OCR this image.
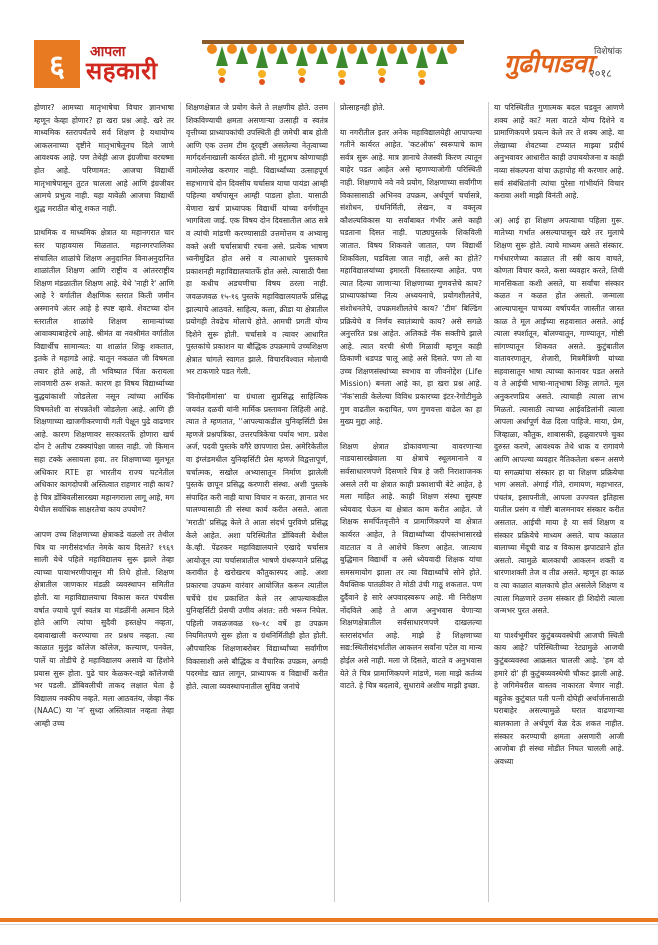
६	आपला
सहकारी	गुढीपाडवा विशेषांक
२०१८

होणार? आमच्या मातृभाषेचा विचार ज्ञानभाषा म्हणून केव्हा होणार? हा खरा प्रश्न आहे. खरे तर माध्यमिक स्तरापर्यंतचे सर्व शिक्षण हे यथायोग्य आकलनाच्या दृष्टीने मातृभाषेतूनच दिले जाणे आवश्यक आहे. पण तेथेही आज इंग्रजीचा वरचष्मा होत आहे. परिणामत: आजचा विद्यार्थी मातृभाषेपासून तुटत चालला आहे आणि इंग्रजीवर आमचे प्रभुत्व नाही. यहा यावेळी आजचा विद्यार्थी शुद्ध मराठीत बोलू शकत नाही.

प्राथमिक व माध्यमिक क्षेत्रात या महानगरात चार स्तर पाहावयास मिळतात. महानगरपालिका संचालित शाळांचे शिक्षण अनुदानित विनाअनुदानित शाळांतील शिक्षण आणि राष्ट्रीय व आंतरराष्ट्रीय शिक्षण मंडळातील शिक्षण आहे. येथे 'नाही रे' आणि आहे रे वर्गातील शैक्षणिक स्तरात किती जमीन अस्मानचे अंतर आहे हे स्पष्ट व्हावे. शेवटच्या दोन स्तरातील शाळांचे शिक्षण सामान्यांच्या आवाक्याबाहेरचे आहे. श्रीमंत वा नवश्रीमंत वर्गातील विद्यार्थीच सामान्यत: या शाळांत शिकू शकतात, इतके ते महागडे आहे. यातून नकळत जी विषमता तयार होते आहे, ती भविष्यात चिंता करायला लावणारी ठरू शकते. कारण हा विषय विद्यार्थ्याच्या बुद्धयांकाशी जोडलेला नसून त्यांच्या आर्थिक विषमतेशी वा संपन्नतेशी जोडलेला आहे. आणि ही शिक्षणाच्या खाजगीकरणाची गती पेक्षून पुढे वाढणार आहे. कारण शिक्षणावर सरकारतर्फे होणारा खर्च दोन टे अतीच टक्क्यांपेक्षा जास्त नाही. जो किमान सहा टक्के असायला हवा. तर शिक्षणाच्या मूलभूत अधिकार RTE हा भारतीय राज्य घटनेतील अधिकार कागदोपत्री अस्तित्वात राहणार नाही काय? हे चित्र डोंबिवलीसारख्या महानगराला लागू आहे, मग येथील सर्वाधिक साक्षरतेचा काय उपयोग?

आपण उच्च शिक्षणाच्या क्षेत्राकडे वळलो तर तेथील चित्र या नगरीसंदर्भात नेमके काय दिसते? १९६९ साली येथे पहिले महाविद्यालय सुरू झाले तेव्हा त्याच्या पायाभरणीपासून मी तिथे होतो. शिक्षण क्षेत्रातील जाणकार मंडळी व्यवस्थापन समितीत होती. या महाविद्यालयाचा विकास करत पंचवीस वर्षात ज्याचे पूर्ण स्वतंत्र या मंडळींनी अत्मान दिले होते आणि त्यांचा सुदैवी हस्तक्षेप नव्हता, दबावाखाली करण्याचा तर प्रश्नच नव्हता. त्या काळात मुलुंड कॉलेज कॉलेज, कल्याण, पनवेल, पार्ले या तोडीचे हे महाविद्यालय असावे या हिशोने प्रयास सुरू होता. पुढे चार केळकर-वझे कॉलेजची भर पडली. डोंबिवलीची ताकद लक्षात घेता हे विद्यालय नक्कीच नव्हते. मला आठवतंय, जेव्हा नॅक (NAAC) या 'न' सुध्दा अस्तित्वात नव्हता तेव्हा आम्ही उच्च

शिक्षणक्षेत्रात जे प्रयोग केले ते लक्षणीय होते. उत्तम शिकविण्याची क्षमता असणाऱ्या उत्साही व स्वतंत्र वृत्तीच्या प्राध्यापकांची उपस्थिती ही जमेची बाब होती आणि एक उत्तम टीम दूरदृष्टी असलेल्या नेतृत्वाच्या मार्गदर्शनाखाली कार्यरत होती. मी मुद्दामच कोणाचाही नामोल्लेख करणार नाही. विद्यार्थ्यांच्या उत्साहपूर्ण सहभागाचे दोन दिवसीय चर्चासत्र याचा पायंडा आम्ही पहिल्या वर्षापासून आम्ही पाडला होता. यासाठी येणारा खर्च प्राध्यापक विद्यार्थी यांच्या वर्गणीतून भागविला जाई. एक विषय दोन दिवसातील आठ सत्रे व त्यांची मांडणी करण्यासाठी उत्तमोत्तम व अभ्यासू वक्ते अशी चर्चासत्राची रचना असे. प्रत्येक भाषण ध्वनीमुद्रित होत असे व त्याआधारे पुस्तकाचे प्रकाशनही महाविद्यालयातर्फे होत असे. त्यासाठी पैसा हा कधीच अडचणीचा विषय ठरला नाही. जवळजवळ १५-१६ पुस्तके महाविद्यालयातर्फे प्रसिद्ध झाल्याचे आठवते. साहित्य, कला, क्रीडा या क्षेत्रातील प्रयोगही तेवढेच मोलाचे होते. आमची प्रगती योग्य दिशेने सुरू होती. चर्चासत्रे व त्यावर आधारित पुस्तकांचे प्रकाशन या बौद्धिक उपक्रमाचे उच्चशिक्षण क्षेत्रात चांगले स्वागत झाले. विचारविश्वात मोलाची भर टाकणारे पडत गेली.

'विनोदमीमांसा' या ग्रंथाला सुप्रसिद्ध साहित्यिक जयवंत दळवी यांनी मार्मिक प्रस्तावना लिहिली आहे. त्यात ते म्हणतात, ''आपल्याकडील युनिव्हर्सिटी प्रेस म्हणजे प्रश्नपत्रिका, उत्तरपत्रिकेचा पर्याय भाग. प्रवेश अर्ज, पदवी पुस्तके वगैरे छापणारा प्रेस. अमेरिकेतील वा इंग्लंडमधील युनिव्हर्सिटी प्रेस म्हणजे विद्वत्तापूर्ण, चर्चात्मक, सखोल अभ्यासातून निर्माण झालेली पुस्तके छापून प्रसिद्ध करणारी संस्था. अशी पुस्तके संपादित करी नाही याचा विचार न करता, ज्ञानात भर घालण्यासाठी ती संस्था कार्य करीत असते. आता 'मराठी' प्रसिद्ध केले ते आता संदर्भ पुरविणे प्रसिद्ध केले आहेत. अशा परिस्थितीत डोंबिवली येथील के.व्ही. पेंढरकर महाविद्यालयाने एखादे चर्चासत्र आयोजून त्या चर्चासत्रातील भाषणे ग्रंथरूपाने प्रसिद्ध करावीत हे खरोखरच कौतुकास्पद आहे. अशा प्रकारचा उपक्रम वारंवार आयोजित करून त्यातील चर्चेचे ग्रंथ प्रकाशित केले तर आपल्याकडील युनिव्हर्सिटी प्रेसची उणीव अंशत: तरी भरून निघेल. पहिली जवळजवळ १७-१८ वर्षे हा उपक्रम नियमितपणे सुरू होता व ग्रंथनिर्मितीही होत होती. औपचारिक शिक्षणाबरोबर विद्यार्थ्यांच्या सर्वांगीण विकासाशी असे बौद्धिक व वैचारिक उपक्रम, अगदी पदरमोड खात लागून, प्राध्यापक व विद्यार्थी करीत होते. त्याला व्यवस्थापनातील सुविद्य जनांचे

प्रोत्साहनही होते.

या नगरीतील इतर अनेक महाविद्यालयेही आपापल्या गतीने कार्यरत आहेत. 'कटऑफ' स्वरूपाचे काम सर्वत्र सुरू आहे. मात्र ज्ञानाचे तेजस्वी किरण त्यातून बाहेर पडत आहेत असे म्हणण्याजोगी परिस्थिती नाही. शिक्षणाचे नवे नवे प्रयोग, शिक्षणाच्या सर्वांगीण विकासासाठी अभिनव उपक्रम, अर्थपूर्ण चर्चासत्रे, संशोधन, ग्रंथनिर्मिती, लेखन, व वक्तृत्व कौशल्यविकास या सर्वांबाबत गंभीर असे काही घडताना दिसत नाही. पाठ्यपुस्तके शिकविली जातात. विषय शिकवले जातात, पण विद्यार्थी शिकविला, घडविला जात नाही, असे का होते? महाविद्यालयांच्या इमारती विस्तारल्या आहेत. पण त्यात दिल्या जाणाऱ्या शिक्षणाच्या गुणवत्तेचे काय? प्राध्यापकांच्या नित्य अध्ययनाचे, प्रयोगशीलतेचे, संशोधनतेचे, उपक्रमशीलतेचे काय? 'टीम' बिल्डिंग प्रक्रियेचे व निर्णय स्वातंत्र्याचे काय? असे सगळे अनुत्तरित प्रश्न आहेत. अलिकडे नॅक सक्तीचे झाले आहे. त्यात वरची श्रेणी मिळावी म्हणून काही ठिकाणी धडपड चालू आहे असे दिसते. पण तो या उच्च शिक्षणसंस्थांच्या स्वभाव वा जीवनोद्देश (Life Mission) बनला आहे का, हा खरा प्रश्न आहे. 'नॅक'साठी केलेल्या विविध प्रकारच्या इंटर-रेगोटीमुळे गुण वाढतील कदाचित, पण गुणवत्ता वाढेल का हा मुख्य मुद्दा आहे.

शिक्षण क्षेत्रात डोकावणाऱ्या वावरणाऱ्या नाडयासारखेवाला या क्षेत्राचे स्थूलमानाने व सर्वसाधारणपणे दिसणारे चित्र हे जरी निराशाजनक असले तरी या क्षेत्रात काही प्रकाशाची बेटे आहेत, हे मला माहित आहे. काही शिक्षण संस्था सुस्पष्ट ध्येयवाद घेऊन या क्षेत्रात काम करीत आहेत. जे शिक्षक समर्पितवृत्तीने व प्रामाणिकपणे या क्षेत्रात कार्यरत आहेत, ते विद्यार्थ्यांच्या दीपस्तंभासारखे वाटतात व ते आशेचे किरण आहेत. जात्याच बुद्धिमान विद्यार्थी व असे ध्येयवादी शिक्षक यांचा समसमायोग झाला तर त्या विद्यार्थ्यांचे सोने होते. वैयक्तिक पातळीवर ते मोठी उंची गाठू शकतात. पण दुर्दैवाने हे सारे अपवादस्वरूप आहे. मी निरीक्षण नोंदविले आहे ते आज अनुभवास येणाऱ्या शिक्षणक्षेत्रातील सर्वसाधारणपणे दाखलल्या स्तरासंदर्भात आहे. माझे हे शिक्षणाच्या सद्य:स्थितीसंदर्भातील आकलन सर्वांना पटेल वा मान्य होईल असे नाही. मला जे दिसते, वाटते व अनुभवास येते ते चित्र प्रामाणिकपणे मांडणे, मला माझे कर्तव्य वाटते. हे चित्र बदलावे, सुधारावे अशीच माझी इच्छा.

या परिस्थितीत गुणात्मक बदल घडवून आणणे शक्य आहे का? मला वाटते योग्य दिशेने व प्रामाणिकपणे प्रयत्न केले तर ते शक्य आहे. या लेखाच्या शेवटच्या टप्प्यात माझ्या प्रदीर्घ अनुभवावर आधारीत काही उपाययोजना व काही नव्या संकल्पना यांचा ऊहापोह मी करणार आहे. सर्व संबंधितांनी त्यांचा पुरेसा गांभीर्याने विचार करावा अशी माझी विनंती आहे.

अ) आई हा शिक्षण अपत्याचा पहिला गुरू. मातेच्या गर्भात असल्यापासून खरे तर मुलाचे शिक्षण सुरू होते. त्याचे माध्यम असते संस्कार. गर्भधारणेच्या काळात ती स्त्री काय वाचते, कोणता विचार करते, कसा व्यवहार करते, तिची मानसिकता कशी असते, या सर्वांचा संस्कार कळत न कळत होत असतो. जन्माला आल्यापासून पाचव्या वर्षापर्यंत जास्तीत जास्त काळ ते मूल आईच्या सहवासात असते. आई त्याला स्पर्शातून, बोलण्यातून, गाण्यातून, गोष्टी सांगण्यातून शिकवत असते. कुटुंबातील वातावरणातून, शेजारी, मित्रमैत्रिणी यांच्या सहवासातून भाषा त्याच्या कानावर पडत असते व ते आईची भाषा-मातृभाषा शिकू लागते. मूल अनुकरणप्रिय असते. त्याचाही त्याला लाभ मिळतो. त्यासाठी त्याच्या आईवडिलांनी त्याला आपला अर्धापूर्ण वेळ दिला पाहिजे. माया, प्रेम, जिव्हाळा, कौतुक, शाबासकी, हळुवारपणे चुका दुरुस्त करणे, आवश्यक तेथे धाक व रागावणे आणि आपल्या व्यवहार नैतिकतेला धरून असणे या सगळ्यांचा संस्कार हा या शिक्षण प्रक्रियेचा भाग असतो. अंगाई गीते, रामायण, महाभारत, पंचतंत्र, इसापनीती, आपला उज्ज्वल इतिहास यातील प्रसंग व गोष्टी बालमनावर संस्कार करीत असतात. आईची माया हे या सर्व शिक्षण व संस्कार प्रक्रियेचे माध्यम असते. याच काळात बालाच्या मेंदूची वाढ व विकास झपाट्याने होत असतो. त्यामुळे बालकाची आकलन शक्ती व धारणाशक्ती तेज व तीव्र असते. म्हणून हा काळ व त्या काळात बालकाचे होत असलेले शिक्षण व त्याला मिळणारे उत्तम संस्कार ही शिदोरी त्याला जन्मभर पुरत असते.

या पार्श्वभूमीवर कुटुंबव्यवस्थेची आजची स्थिती काय आहे? परिस्थितीच्या रेट्यामुळे आजची कुटुंबव्यवस्था आक्रसत चालली आहे. 'हम दो हमारे दो' ही कुटुंबव्यवस्थेची चौकट झाली आहे. हे जगिमेवरील वास्तव नाकारता येणार नाही. बहुतेक कुटुंबात पती पत्नी दोघेही अर्थार्जनासाठी घराबाहेर असल्यामुळे घरात वाढणाऱ्या बालकाला ते अर्थपूर्ण वेळ देऊ शकत नाहीत. संस्कार करण्याची क्षमता असणारी आजी आजोबा ही संस्था मोडीत निघत चालली आहे. अवध्या
